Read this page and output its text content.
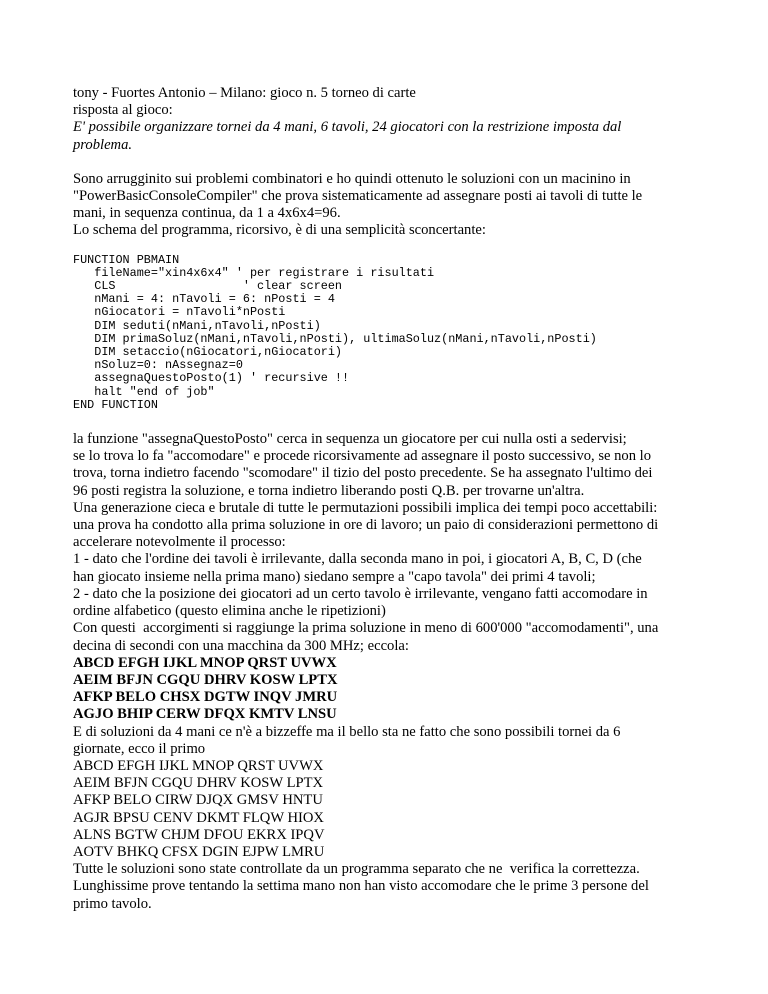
tony - Fuortes Antonio – Milano: gioco n. 5 torneo di carte
risposta al gioco:
E' possibile organizzare tornei da 4 mani, 6 tavoli, 24 giocatori con la restrizione imposta dal
problema.
Sono arrugginito sui problemi combinatori e ho quindi ottenuto le soluzioni con un macinino in
"PowerBasicConsoleCompiler" che prova sistematicamente ad assegnare posti ai tavoli di tutte le
mani, in sequenza continua, da 1 a 4x6x4=96.
Lo schema del programma, ricorsivo, è di una semplicità sconcertante:
FUNCTION PBMAIN
fileName="xin4x6x4" ' per registrare i risultati
CLS                  ' clear screen
nMani = 4: nTavoli = 6: nPosti = 4
nGiocatori = nTavoli*nPosti
DIM seduti(nMani,nTavoli,nPosti)
DIM primaSoluz(nMani,nTavoli,nPosti), ultimaSoluz(nMani,nTavoli,nPosti)
DIM setaccio(nGiocatori,nGiocatori)
nSoluz=0: nAssegnaz=0
assegnaQuestoPosto(1) ' recursive !!
halt "end of job"
END FUNCTION
la funzione "assegnaQuestoPosto" cerca in sequenza un giocatore per cui nulla osti a sedervisi;
se lo trova lo fa "accomodare" e procede ricorsivamente ad assegnare il posto successivo, se non lo
trova, torna indietro facendo "scomodare" il tizio del posto precedente. Se ha assegnato l'ultimo dei
96 posti registra la soluzione, e torna indietro liberando posti Q.B. per trovarne un'altra.
Una generazione cieca e brutale di tutte le permutazioni possibili implica dei tempi poco accettabili:
una prova ha condotto alla prima soluzione in ore di lavoro; un paio di considerazioni permettono di
accelerare notevolmente il processo:
1 - dato che l'ordine dei tavoli è irrilevante, dalla seconda mano in poi, i giocatori A, B, C, D (che
han giocato insieme nella prima mano) siedano sempre a "capo tavola" dei primi 4 tavoli;
2 - dato che la posizione dei giocatori ad un certo tavolo è irrilevante, vengano fatti accomodare in
ordine alfabetico (questo elimina anche le ripetizioni)
Con questi  accorgimenti si raggiunge la prima soluzione in meno di 600'000 "accomodamenti", una
decina di secondi con una macchina da 300 MHz; eccola:
ABCD EFGH IJKL MNOP QRST UVWX
AEIM BFJN CGQU DHRV KOSW LPTX
AFKP BELO CHSX DGTW INQV JMRU
AGJO BHIP CERW DFQX KMTV LNSU
E di soluzioni da 4 mani ce n'è a bizzeffe ma il bello sta ne fatto che sono possibili tornei da 6
giornate, ecco il primo
ABCD EFGH IJKL MNOP QRST UVWX
AEIM BFJN CGQU DHRV KOSW LPTX
AFKP BELO CIRW DJQX GMSV HNTU
AGJR BPSU CENV DKMT FLQW HIOX
ALNS BGTW CHJM DFOU EKRX IPQV
AOTV BHKQ CFSX DGIN EJPW LMRU
Tutte le soluzioni sono state controllate da un programma separato che ne  verifica la correttezza.
Lunghissime prove tentando la settima mano non han visto accomodare che le prime 3 persone del
primo tavolo.
